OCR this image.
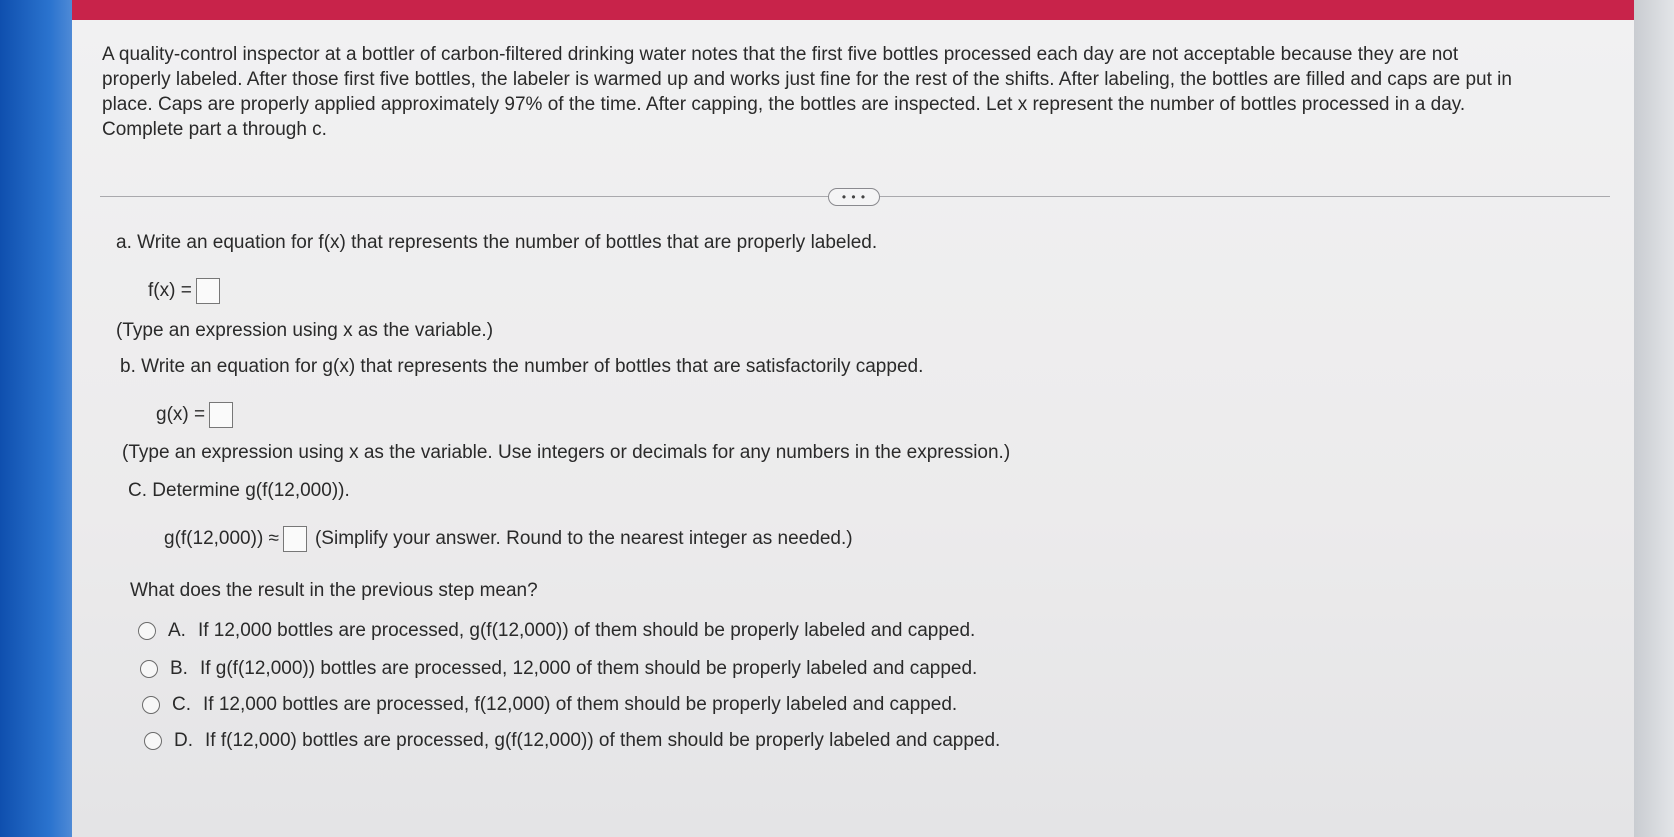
A quality-control inspector at a bottler of carbon-filtered drinking water notes that the first five bottles processed each day are not acceptable because they are not properly labeled. After those first five bottles, the labeler is warmed up and works just fine for the rest of the shifts. After labeling, the bottles are filled and caps are put in place. Caps are properly applied approximately 97% of the time. After capping, the bottles are inspected. Let x represent the number of bottles processed in a day. Complete part a through c.

• • •

a. Write an equation for f(x) that represents the number of bottles that are properly labeled.

f(x) =

(Type an expression using x as the variable.)

b. Write an equation for g(x) that represents the number of bottles that are satisfactorily capped.

g(x) =

(Type an expression using x as the variable. Use integers or decimals for any numbers in the expression.)

C. Determine g(f(12,000)).

g(f(12,000)) ≈ (Simplify your answer. Round to the nearest integer as needed.)

What does the result in the previous step mean?

A. If 12,000 bottles are processed, g(f(12,000)) of them should be properly labeled and capped.
B. If g(f(12,000)) bottles are processed, 12,000 of them should be properly labeled and capped.
C. If 12,000 bottles are processed, f(12,000) of them should be properly labeled and capped.
D. If f(12,000) bottles are processed, g(f(12,000)) of them should be properly labeled and capped.
